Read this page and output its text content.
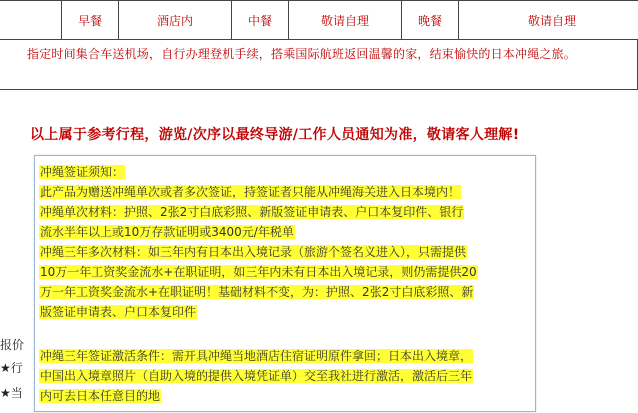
	早餐	酒店内	中餐	敬请自理	晚餐	敬请自理
指定时间集合车送机场，自行办理登机手续，搭乘国际航班返回温馨的家，结束愉快的日本冲绳之旅。
以上属于参考行程，游览/次序以最终导游/工作人员通知为准，敬请客人理解!
报价
★行
★当
冲绳签证须知：
此产品为赠送冲绳单次或者多次签证，持签证者只能从冲绳海关进入日本境内！
冲绳单次材料：护照、2张2寸白底彩照、新版签证申请表、户口本复印件、银行
流水半年以上或10万存款证明或3400元/年税单
冲绳三年多次材料：如三年内有日本出入境记录（旅游个签名义进入），只需提供
10万一年工资奖金流水+在职证明，如三年内未有日本出入境记录，则仍需提供20
万一年工资奖金流水+在职证明！基础材料不变，为：护照、2张2寸白底彩照、新
版签证申请表、户口本复印件
冲绳三年签证激活条件：需开具冲绳当地酒店住宿证明原件拿回；日本出入境章，
中国出入境章照片（自助入境的提供入境凭证单）交至我社进行激活，激活后三年
内可去日本任意目的地
